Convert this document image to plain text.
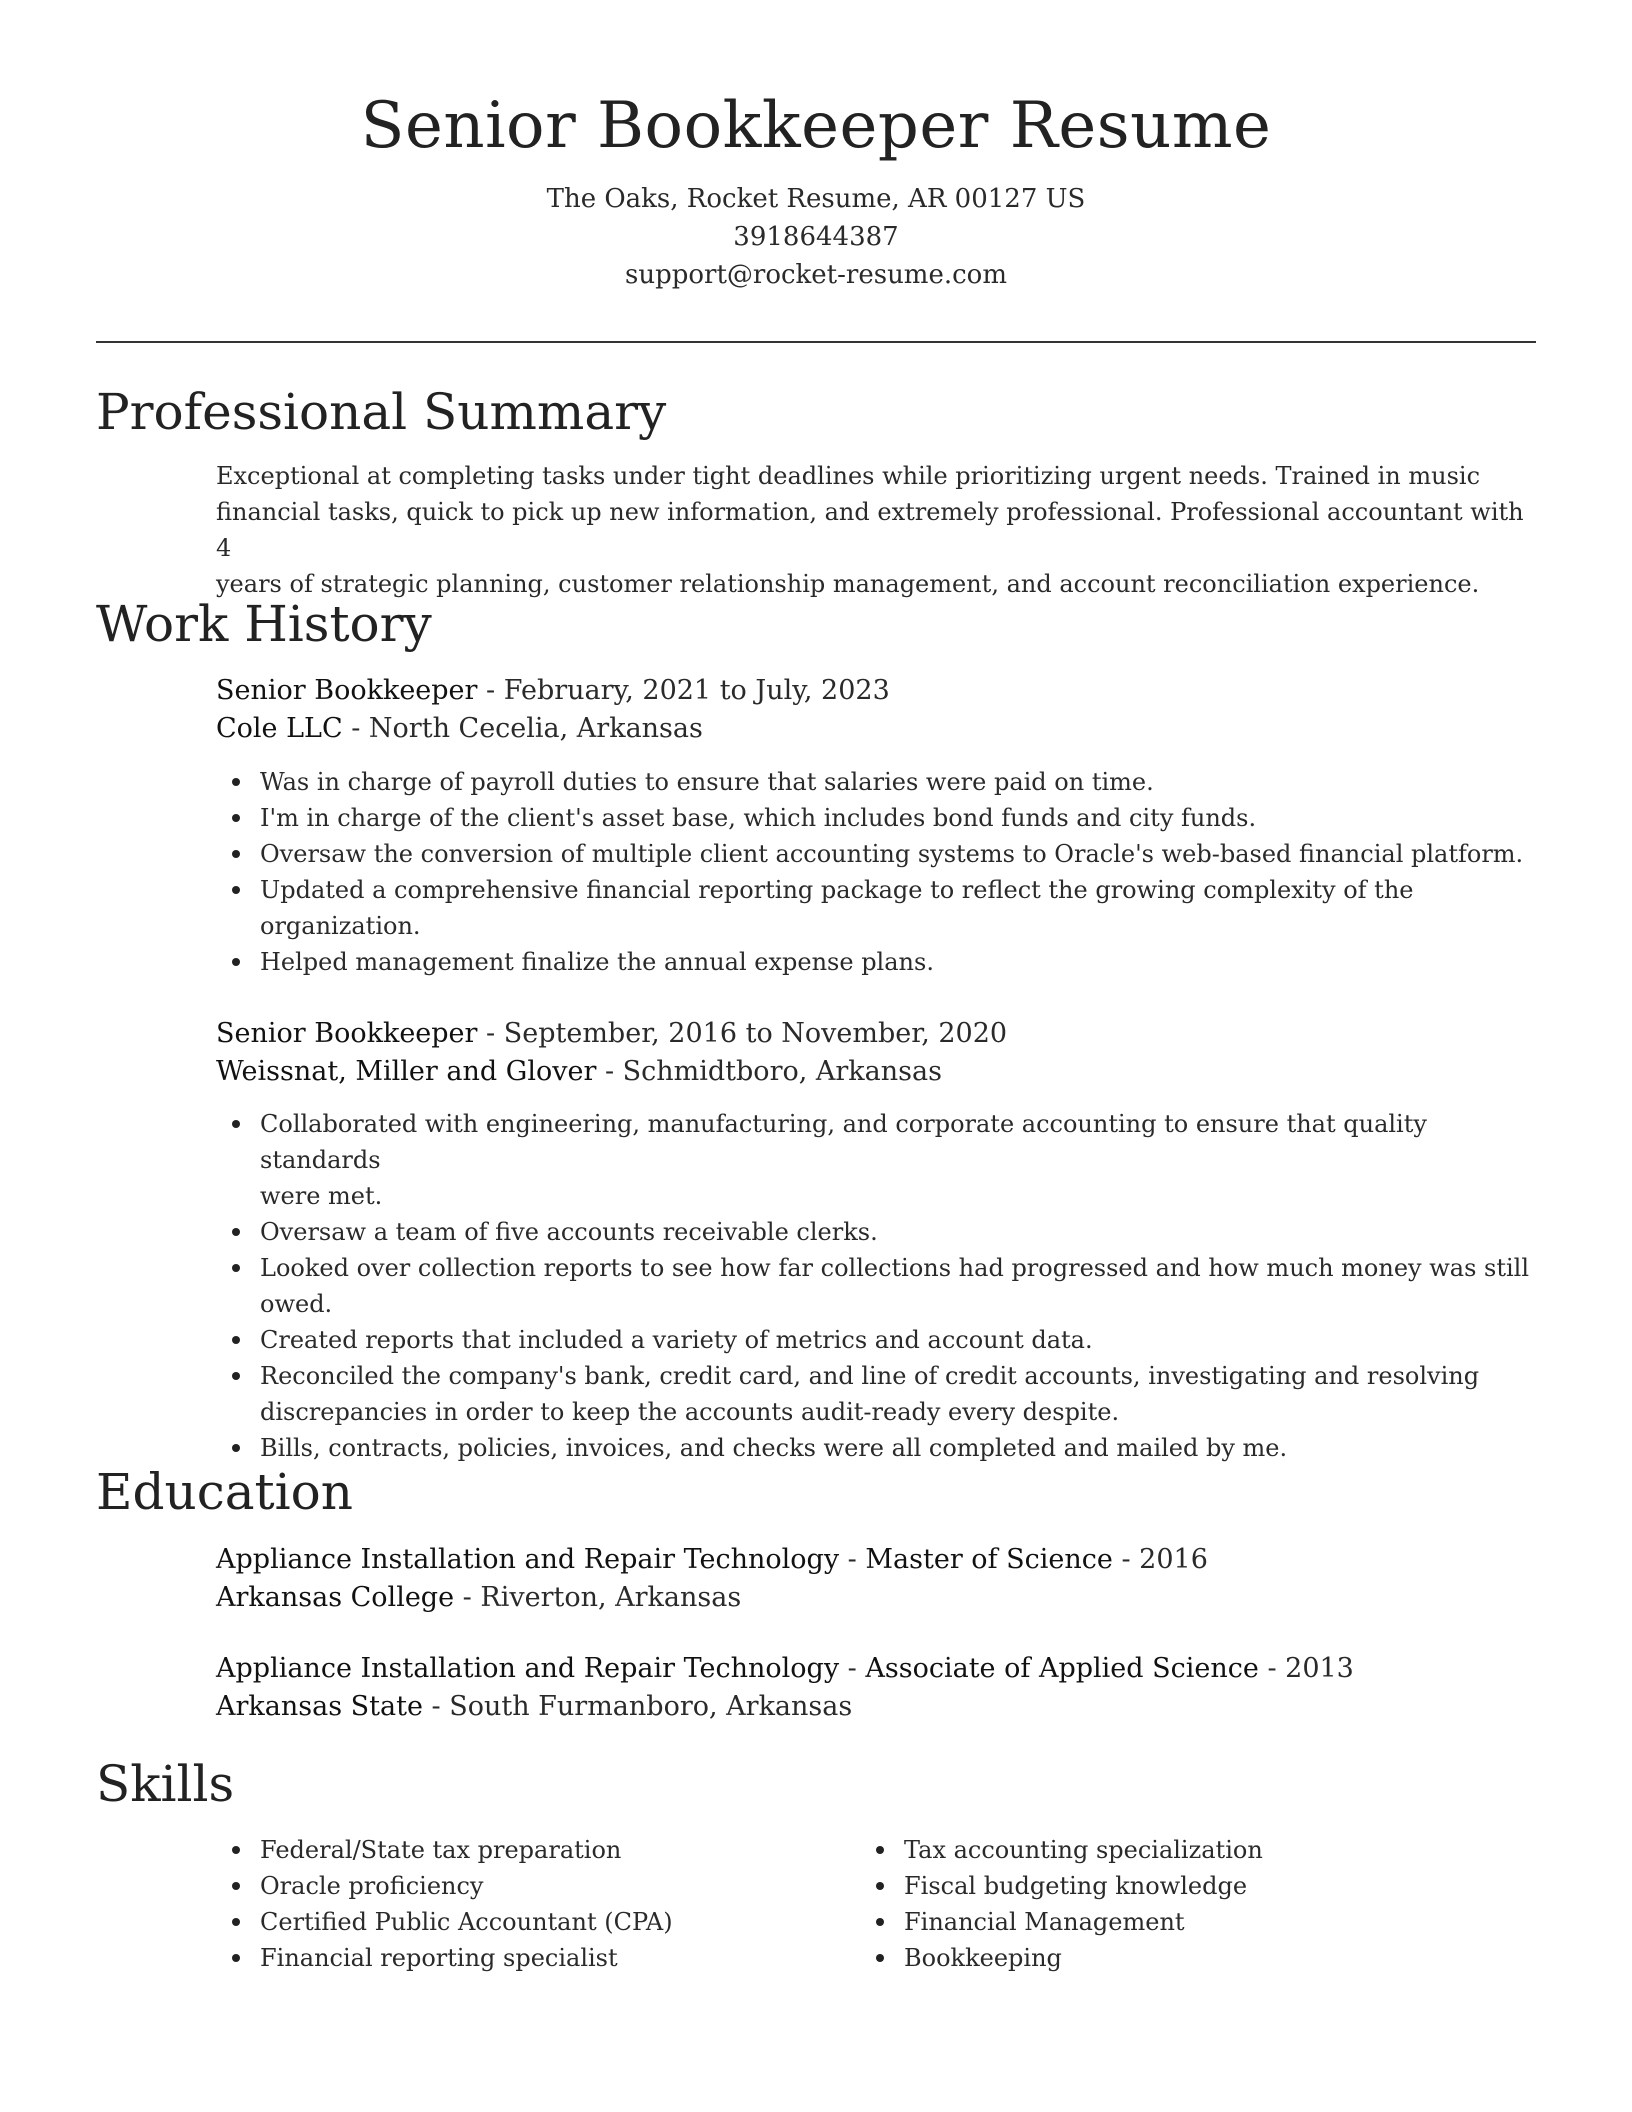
Senior Bookkeeper Resume
The Oaks, Rocket Resume, AR 00127 US
3918644387
support@rocket-resume.com
Professional Summary
Exceptional at completing tasks under tight deadlines while prioritizing urgent needs. Trained in music
financial tasks, quick to pick up new information, and extremely professional. Professional accountant with 4
years of strategic planning, customer relationship management, and account reconciliation experience.
Work History
Senior Bookkeeper - February, 2021 to July, 2023
Cole LLC - North Cecelia, Arkansas
Was in charge of payroll duties to ensure that salaries were paid on time.
I'm in charge of the client's asset base, which includes bond funds and city funds.
Oversaw the conversion of multiple client accounting systems to Oracle's web-based financial platform.
Updated a comprehensive financial reporting package to reflect the growing complexity of the
organization.
Helped management finalize the annual expense plans.
Senior Bookkeeper - September, 2016 to November, 2020
Weissnat, Miller and Glover - Schmidtboro, Arkansas
Collaborated with engineering, manufacturing, and corporate accounting to ensure that quality standards
were met.
Oversaw a team of five accounts receivable clerks.
Looked over collection reports to see how far collections had progressed and how much money was still
owed.
Created reports that included a variety of metrics and account data.
Reconciled the company's bank, credit card, and line of credit accounts, investigating and resolving
discrepancies in order to keep the accounts audit-ready every despite.
Bills, contracts, policies, invoices, and checks were all completed and mailed by me.
Education
Appliance Installation and Repair Technology - Master of Science - 2016
Arkansas College - Riverton, Arkansas
Appliance Installation and Repair Technology - Associate of Applied Science - 2013
Arkansas State - South Furmanboro, Arkansas
Skills
Federal/State tax preparation
Oracle proficiency
Certified Public Accountant (CPA)
Financial reporting specialist
Tax accounting specialization
Fiscal budgeting knowledge
Financial Management
Bookkeeping
